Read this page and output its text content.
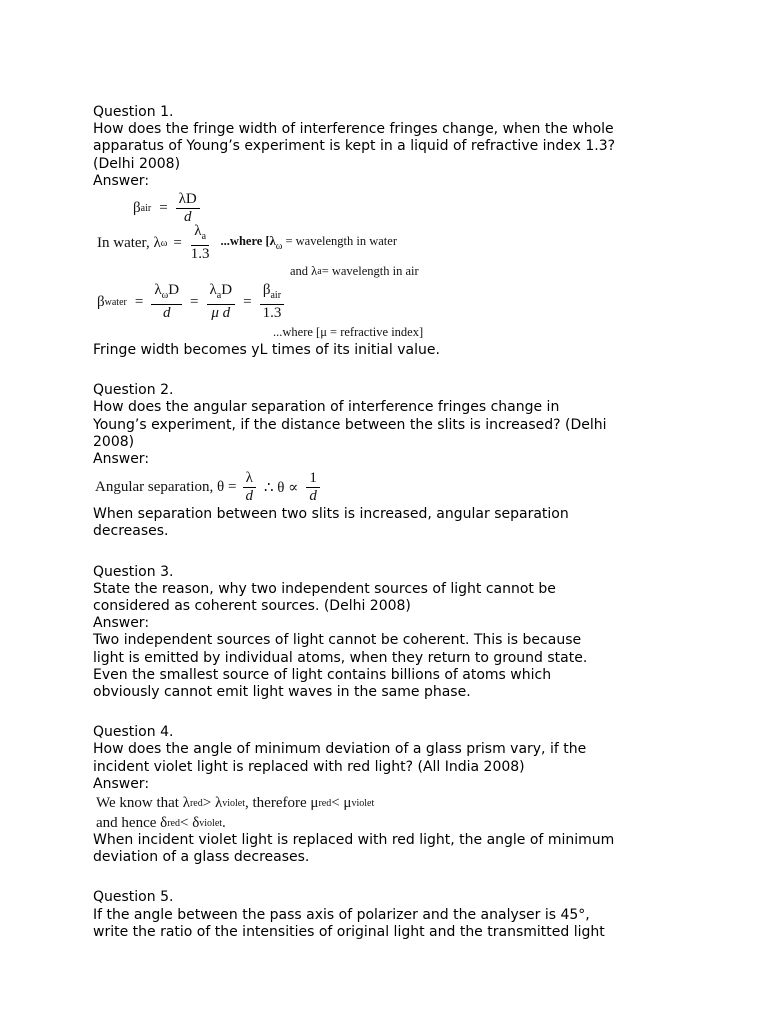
Question 1.
How does the fringe width of interference fringes change, when the whole
apparatus of Young’s experiment is kept in a liquid of refractive index 1.3?
(Delhi 2008)
Answer:
β air = $\frac{\lambda D}{d}$
In water, λ $\omega = \frac{\lambda_a}{1.3}$ ...where [$\lambda_\omega$ = wavelength in water
and λ a = wavelength in air
β water = $\frac{\lambda_\omega D}{d} = \frac{\lambda_aD}{\text{μ d}} = \frac{\beta_{air}}{1.3}$
...where [μ = refractive index]
Fringe width becomes yL times of its initial value.
Question 2.
How does the angular separation of interference fringes change in
Young’s experiment, if the distance between the slits is increased? (Delhi
2008)
Answer:
Angular separation, $\theta = \frac{\lambda}{d}$ ∴ $\theta \propto \frac{1}{d}$
When separation between two slits is increased, angular separation
decreases.
Question 3.
State the reason, why two independent sources of light cannot be
considered as coherent sources. (Delhi 2008)
Answer:
Two independent sources of light cannot be coherent. This is because
light is emitted by individual atoms, when they return to ground state.
Even the smallest source of light contains billions of atoms which
obviously cannot emit light waves in the same phase.
Question 4.
How does the angle of minimum deviation of a glass prism vary, if the
incident violet light is replaced with red light? (All India 2008)
Answer:
We know that λ red > λ violet , therefore μ red < μ violet
and hence δ red < δ violet .
When incident violet light is replaced with red light, the angle of minimum
deviation of a glass decreases.
Question 5.
If the angle between the pass axis of polarizer and the analyser is 45°,
write the ratio of the intensities of original light and the transmitted light
